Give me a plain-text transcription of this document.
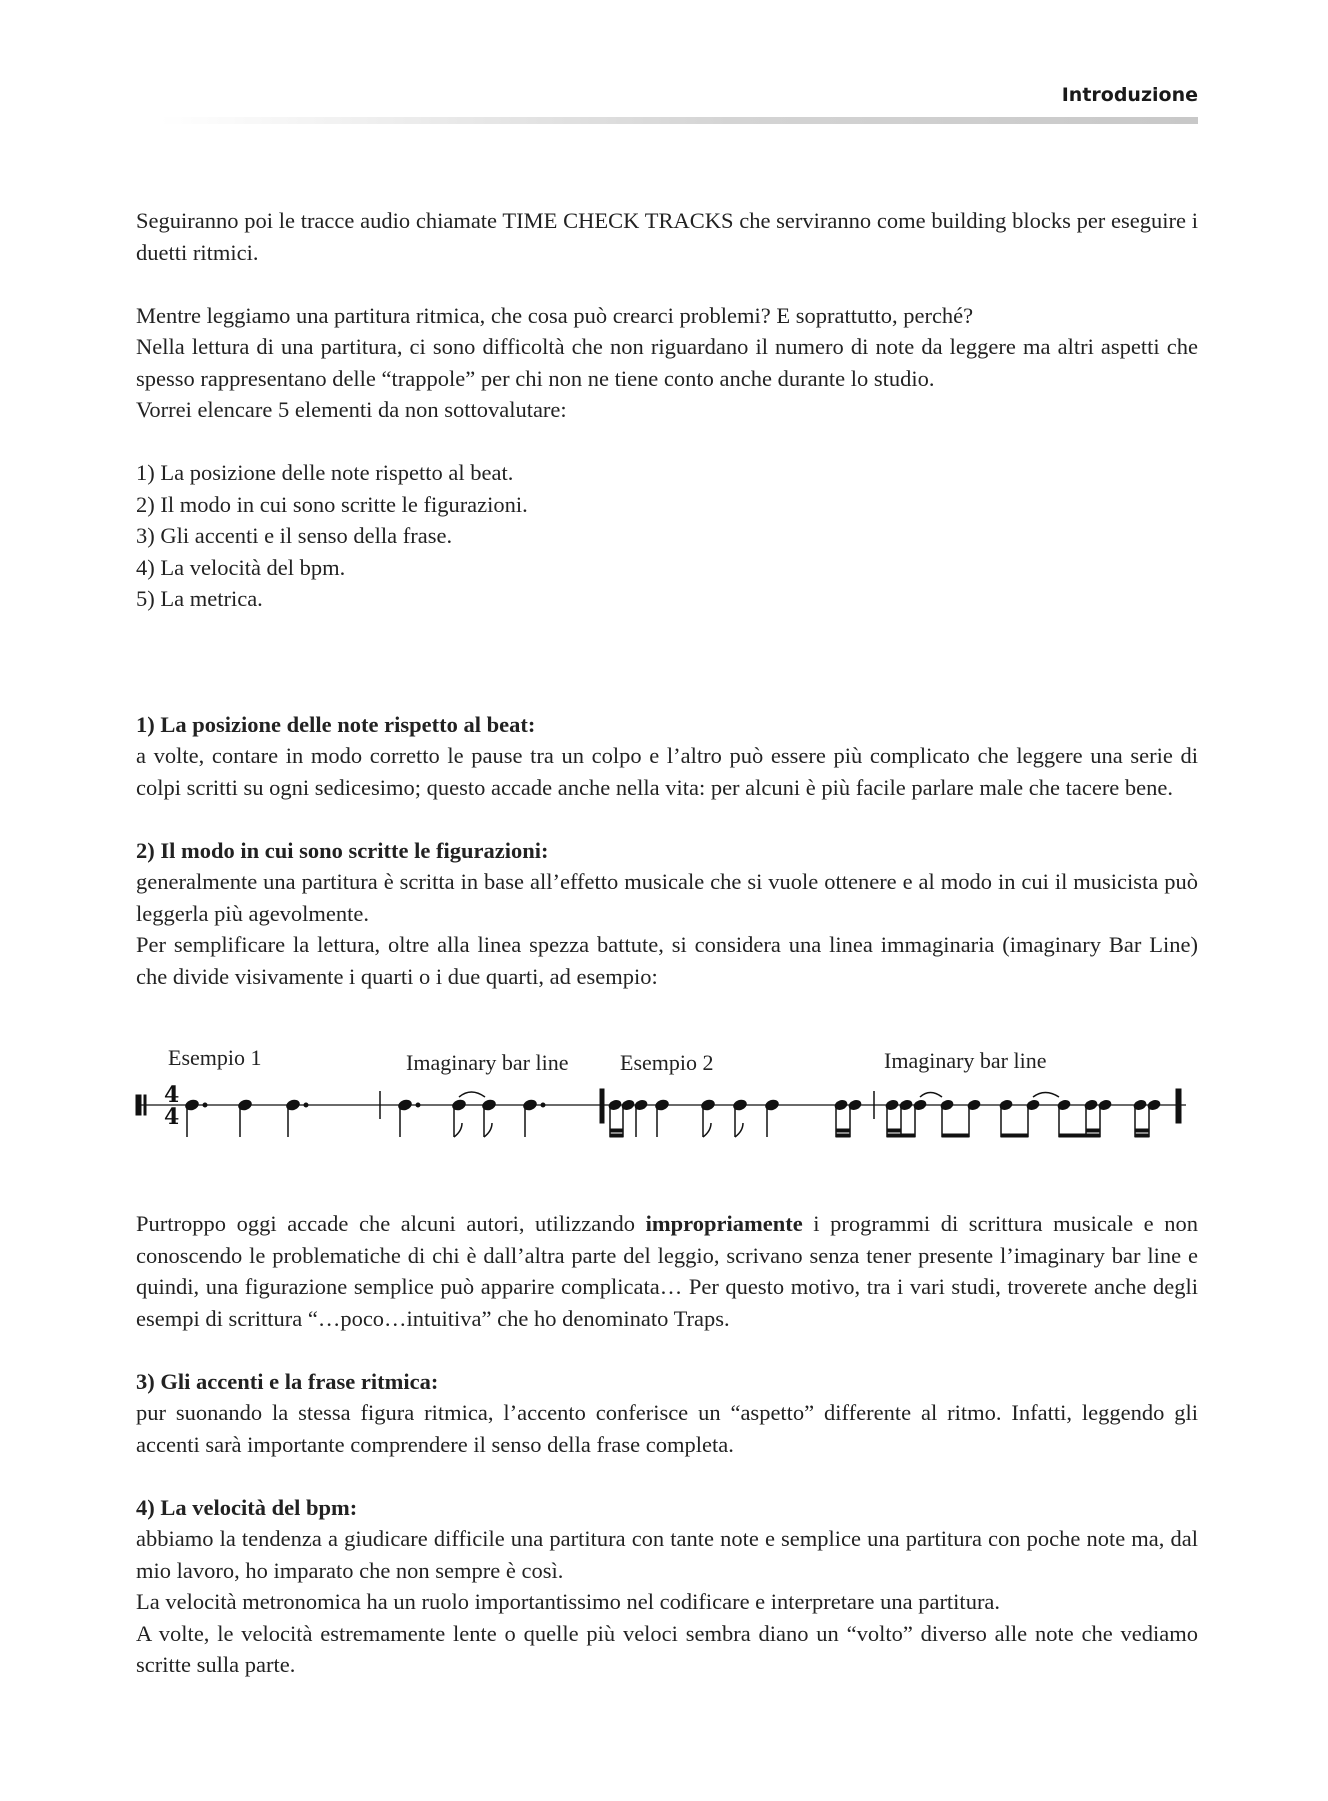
Introduzione

Seguiranno poi le tracce audio chiamate TIME CHECK TRACKS che serviranno come building blocks per eseguire i duetti ritmici.

Mentre leggiamo una partitura ritmica, che cosa può crearci problemi? E soprattutto, perché?

Nella lettura di una partitura, ci sono difficoltà che non riguardano il numero di note da leggere ma altri aspetti che spesso rappresentano delle “trappole” per chi non ne tiene conto anche durante lo studio.

Vorrei elencare 5 elementi da non sottovalutare:

1) La posizione delle note rispetto al beat.

2) Il modo in cui sono scritte le figurazioni.

3) Gli accenti e il senso della frase.

4) La velocità del bpm.

5) La metrica.

1) La posizione delle note rispetto al beat:

a volte, contare in modo corretto le pause tra un colpo e l’altro può essere più complicato che leggere una serie di colpi scritti su ogni sedicesimo; questo accade anche nella vita: per alcuni è più facile parlare male che tacere bene.

2) Il modo in cui sono scritte le figurazioni:

generalmente una partitura è scritta in base all’effetto musicale che si vuole ottenere e al modo in cui il musicista può leggerla più agevolmente.

Per semplificare la lettura, oltre alla linea spezza battute, si considera una linea immaginaria (imaginary Bar Line) che divide visivamente i quarti o i due quarti, ad esempio:

Esempio 1	Imaginary bar line Esempio 2	Imaginary bar line
4
4

Purtroppo oggi accade che alcuni autori, utilizzando impropriamente i programmi di scrittura musicale e non conoscendo le problematiche di chi è dall’altra parte del leggio, scrivano senza tener presente l’imaginary bar line e quindi, una figurazione semplice può apparire complicata… Per questo motivo, tra i vari studi, troverete anche degli esempi di scrittura “…poco…intuitiva” che ho denominato Traps.

3) Gli accenti e la frase ritmica:

pur suonando la stessa figura ritmica, l’accento conferisce un “aspetto” differente al ritmo. Infatti, leggendo gli accenti sarà importante comprendere il senso della frase completa.

4) La velocità del bpm:

abbiamo la tendenza a giudicare difficile una partitura con tante note e semplice una partitura con poche note ma, dal mio lavoro, ho imparato che non sempre è così.

La velocità metronomica ha un ruolo importantissimo nel codificare e interpretare una partitura.

A volte, le velocità estremamente lente o quelle più veloci sembra diano un “volto” diverso alle note che vediamo scritte sulla parte.
